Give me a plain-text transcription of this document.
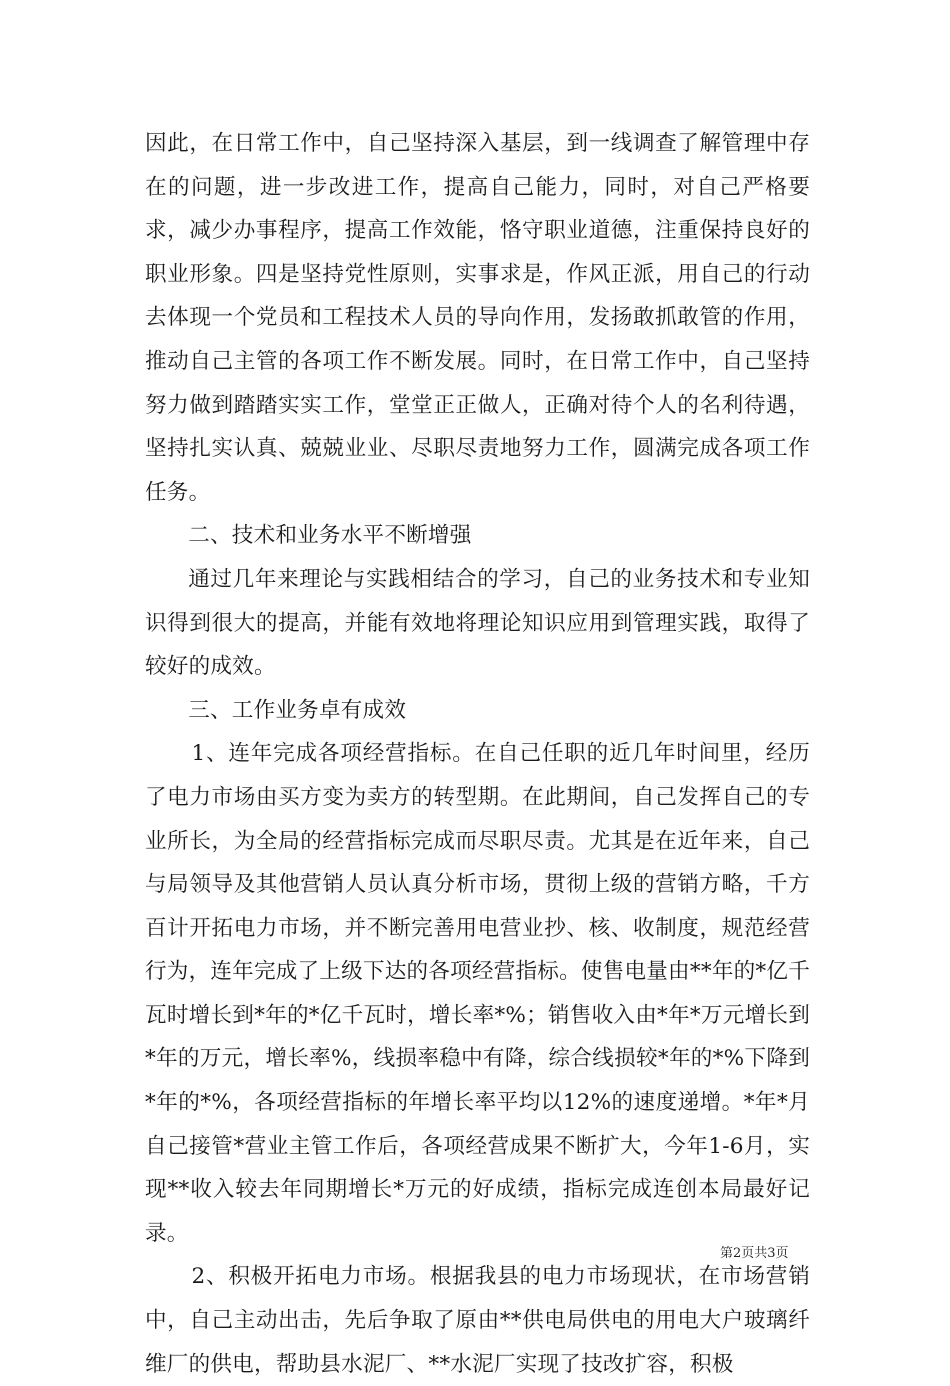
因此，在日常工作中，自己坚持深入基层，到一线调查了解管理中存在的问题，进一步改进工作，提高自己能力，同时，对自己严格要求，减少办事程序，提高工作效能，恪守职业道德，注重保持良好的职业形象。四是坚持党性原则，实事求是，作风正派，用自己的行动去体现一个党员和工程技术人员的导向作用，发扬敢抓敢管的作用，推动自己主管的各项工作不断发展。同时，在日常工作中，自己坚持努力做到踏踏实实工作，堂堂正正做人，正确对待个人的名利待遇，坚持扎实认真、兢兢业业、尽职尽责地努力工作，圆满完成各项工作任务。

二、技术和业务水平不断增强

通过几年来理论与实践相结合的学习，自己的业务技术和专业知识得到很大的提高，并能有效地将理论知识应用到管理实践，取得了较好的成效。

三、工作业务卓有成效

1、连年完成各项经营指标。在自己任职的近几年时间里，经历了电力市场由买方变为卖方的转型期。在此期间，自己发挥自己的专业所长，为全局的经营指标完成而尽职尽责。尤其是在近年来，自己与局领导及其他营销人员认真分析市场，贯彻上级的营销方略，千方百计开拓电力市场，并不断完善用电营业抄、核、收制度，规范经营行为，连年完成了上级下达的各项经营指标。使售电量由**年的*亿千瓦时增长到*年的*亿千瓦时，增长率*%；销售收入由*年*万元增长到*年的万元，增长率%，线损率稳中有降，综合线损较*年的*%下降到*年的*%，各项经营指标的年增长率平均以12%的速度递增。*年*月自己接管*营业主管工作后，各项经营成果不断扩大，今年1-6月，实现**收入较去年同期增长*万元的好成绩，指标完成连创本局最好记录。

2、积极开拓电力市场。根据我县的电力市场现状，在市场营销中，自己主动出击，先后争取了原由**供电局供电的用电大户玻璃纤维厂的供电，帮助县水泥厂、**水泥厂实现了技改扩容，积极

第2页共3页
